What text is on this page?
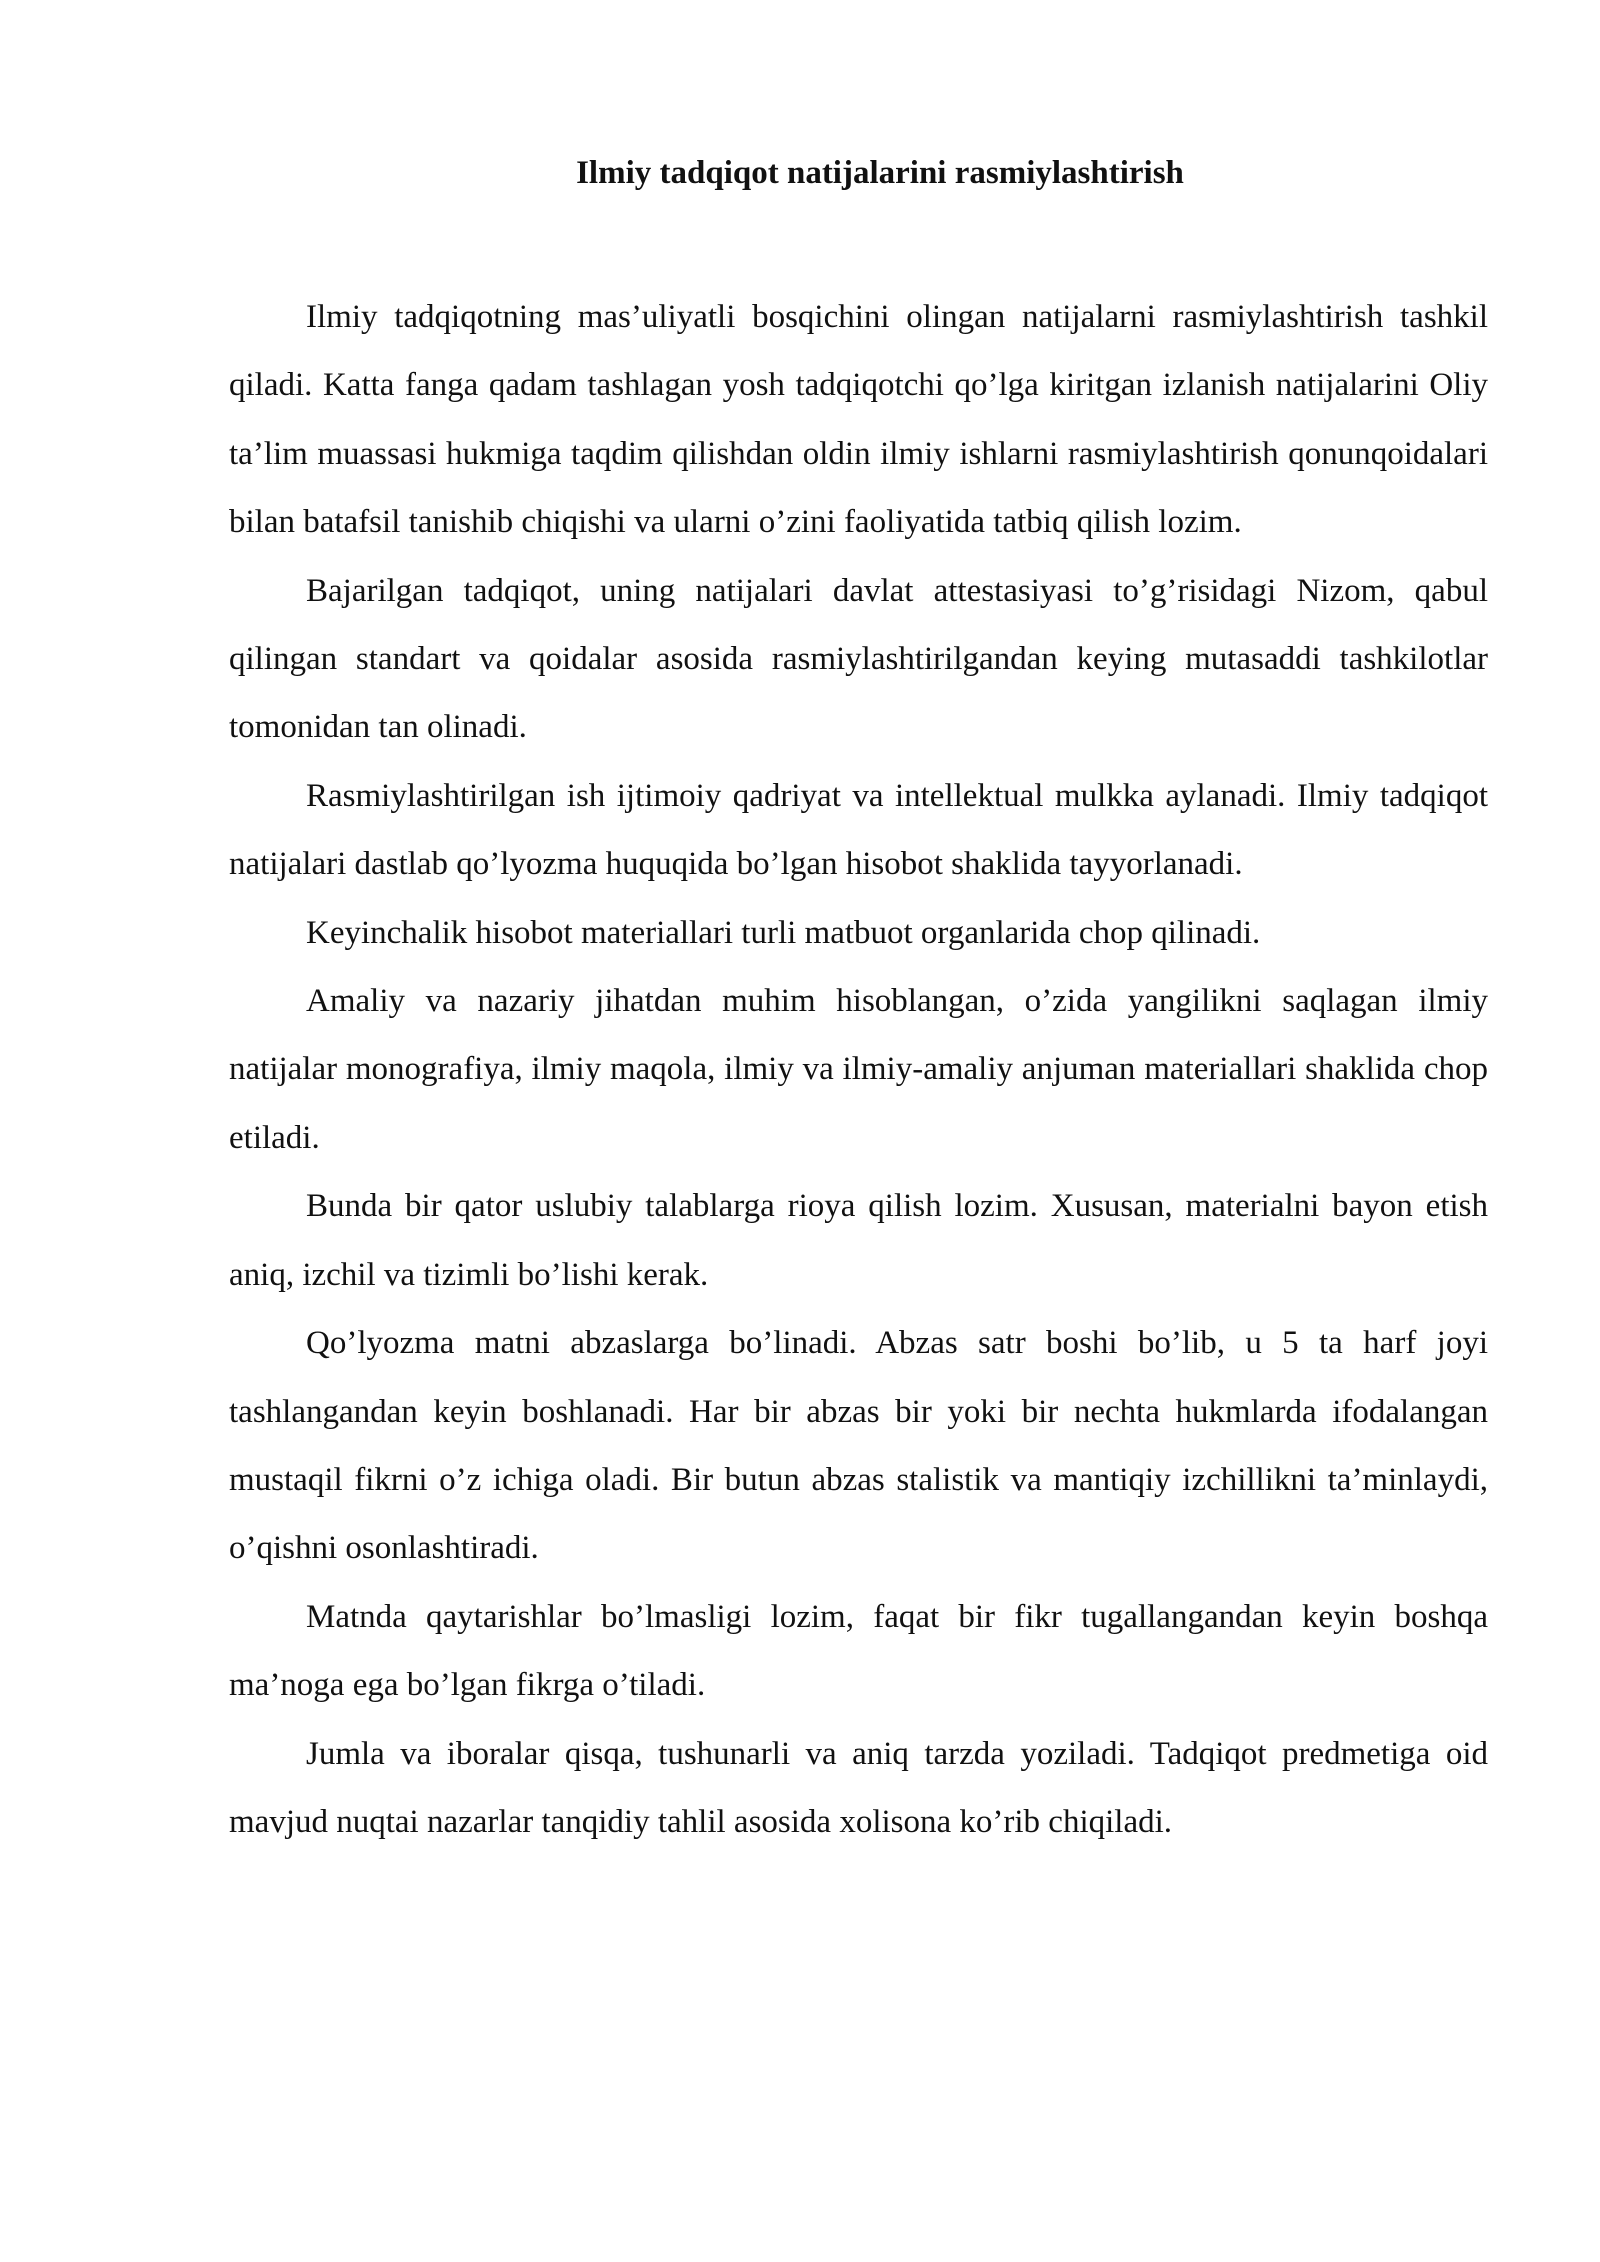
Ilmiy tadqiqot natijalarini rasmiylashtirish

Ilmiy tadqiqotning mas’uliyatli bosqichini olingan natijalarni rasmiylashtirish tashkil qiladi. Katta fanga qadam tashlagan yosh tadqiqotchi qo’lga kiritgan izlanish natijalarini Oliy ta’lim muassasi hukmiga taqdim qilishdan oldin ilmiy ishlarni rasmiylashtirish qonunqoidalari bilan batafsil tanishib chiqishi va ularni o’zini faoliyatida tatbiq qilish lozim.

Bajarilgan tadqiqot, uning natijalari davlat attestasiyasi to’g’risidagi Nizom, qabul qilingan standart va qoidalar asosida rasmiylashtirilgandan keying mutasaddi tashkilotlar tomonidan tan olinadi.

Rasmiylashtirilgan ish ijtimoiy qadriyat va intellektual mulkka aylanadi. Ilmiy tadqiqot natijalari dastlab qo’lyozma huquqida bo’lgan hisobot shaklida tayyorlanadi.

Keyinchalik hisobot materiallari turli matbuot organlarida chop qilinadi.

Amaliy va nazariy jihatdan muhim hisoblangan, o’zida yangilikni saqlagan ilmiy natijalar monografiya, ilmiy maqola, ilmiy va ilmiy-amaliy anjuman materiallari shaklida chop etiladi.

Bunda bir qator uslubiy talablarga rioya qilish lozim. Xususan, materialni bayon etish aniq, izchil va tizimli bo’lishi kerak.

Qo’lyozma matni abzaslarga bo’linadi. Abzas satr boshi bo’lib, u 5 ta harf joyi tashlangandan keyin boshlanadi. Har bir abzas bir yoki bir nechta hukmlarda ifodalangan mustaqil fikrni o’z ichiga oladi. Bir butun abzas stalistik va mantiqiy izchillikni ta’minlaydi, o’qishni osonlashtiradi.

Matnda qaytarishlar bo’lmasligi lozim, faqat bir fikr tugallangandan keyin boshqa ma’noga ega bo’lgan fikrga o’tiladi.

Jumla va iboralar qisqa, tushunarli va aniq tarzda yoziladi. Tadqiqot predmetiga oid mavjud nuqtai nazarlar tanqidiy tahlil asosida xolisona ko’rib chiqiladi.
